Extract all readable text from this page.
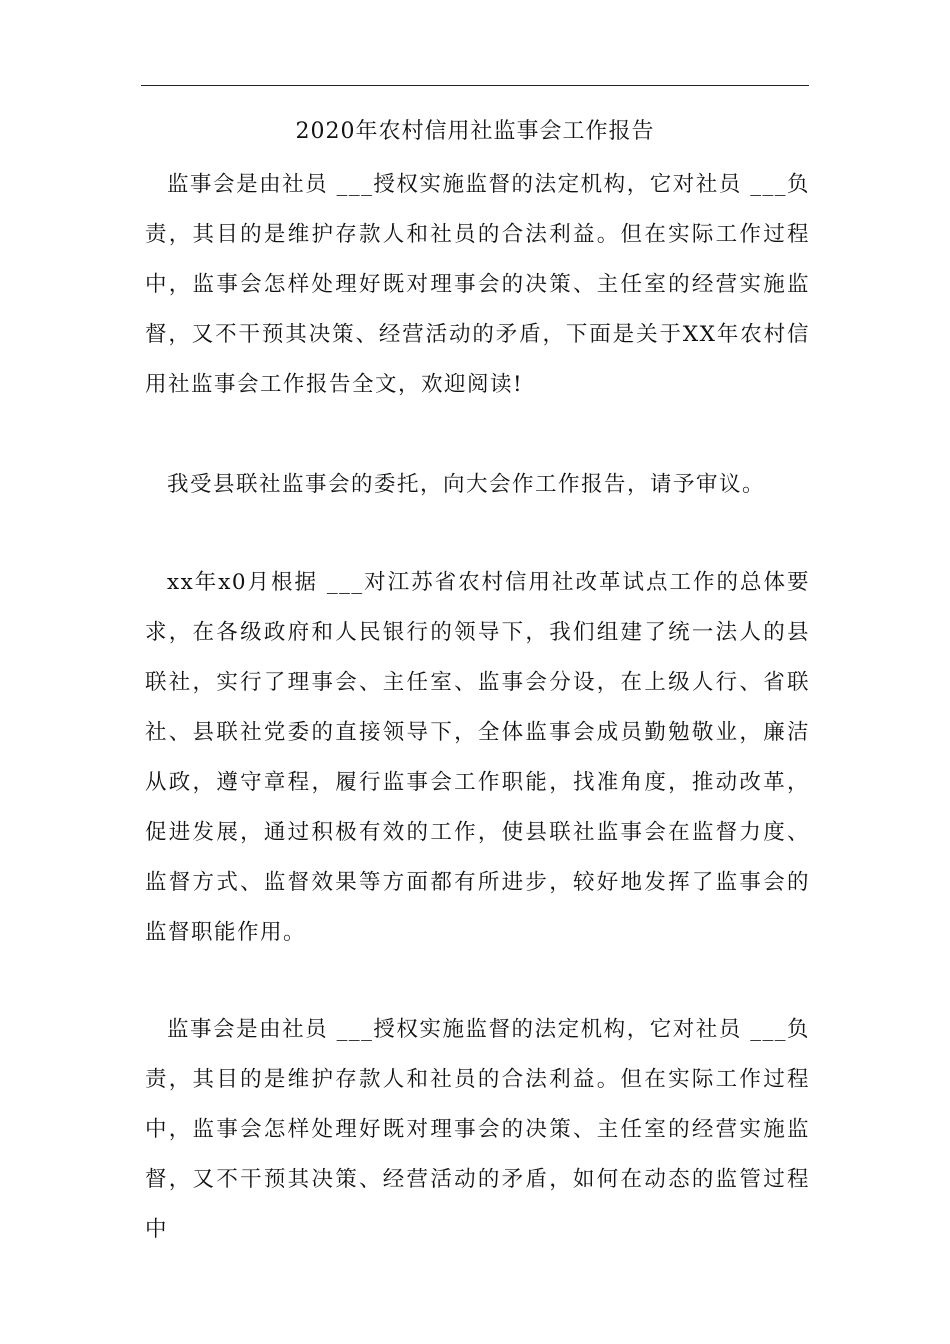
2020年农村信用社监事会工作报告
监事会是由社员 ___授权实施监督的法定机构，它对社员 ___负责，其目的是维护存款人和社员的合法利益。但在实际工作过程中，监事会怎样处理好既对理事会的决策、主任室的经营实施监督，又不干预其决策、经营活动的矛盾，下面是关于XX年农村信用社监事会工作报告全文，欢迎阅读!
我受县联社监事会的委托，向大会作工作报告，请予审议。
xx年x0月根据 ___对江苏省农村信用社改革试点工作的总体要求，在各级政府和人民银行的领导下，我们组建了统一法人的县联社，实行了理事会、主任室、监事会分设，在上级人行、省联社、县联社党委的直接领导下，全体监事会成员勤勉敬业，廉洁从政，遵守章程，履行监事会工作职能，找准角度，推动改革，促进发展，通过积极有效的工作，使县联社监事会在监督力度、监督方式、监督效果等方面都有所进步，较好地发挥了监事会的监督职能作用。
监事会是由社员 ___授权实施监督的法定机构，它对社员 ___负责，其目的是维护存款人和社员的合法利益。但在实际工作过程中，监事会怎样处理好既对理事会的决策、主任室的经营实施监督，又不干预其决策、经营活动的矛盾，如何在动态的监管过程中
